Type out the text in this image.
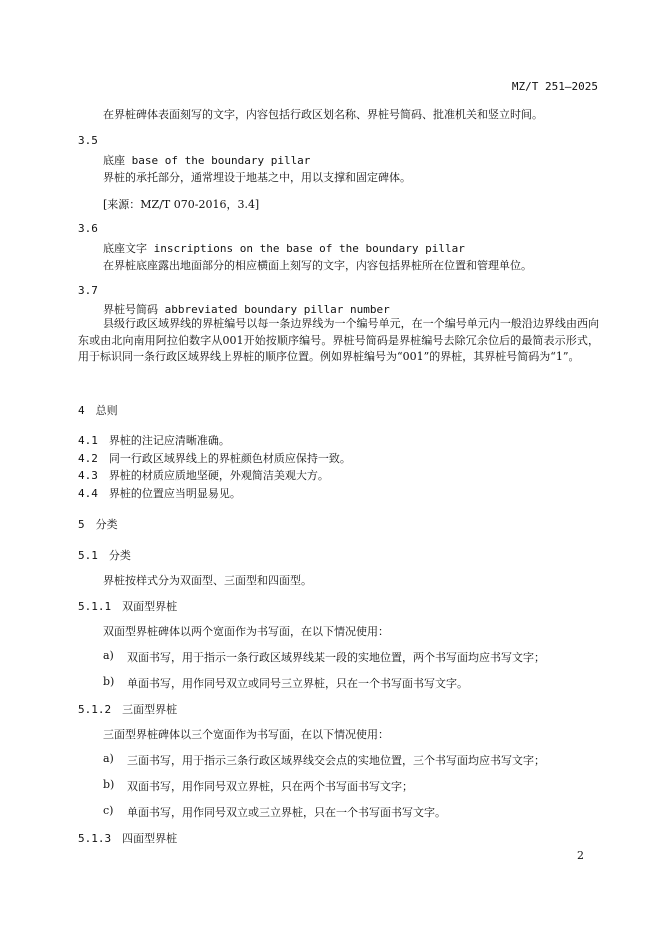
MZ/T 251—2025
在界桩碑体表面刻写的文字，内容包括行政区划名称、界桩号简码、批准机关和竖立时间。
3.5
底座 base of the boundary pillar
界桩的承托部分，通常埋设于地基之中，用以支撑和固定碑体。
[来源：MZ/T 070-2016，3.4]
3.6
底座文字 inscriptions on the base of the boundary pillar
在界桩底座露出地面部分的相应横面上刻写的文字，内容包括界桩所在位置和管理单位。
3.7
界桩号简码 abbreviated boundary pillar number
县级行政区域界线的界桩编号以每一条边界线为一个编号单元，在一个编号单元内一般沿边界线由西向东或由北向南用阿拉伯数字从001开始按顺序编号。界桩号简码是界桩编号去除冗余位后的最简表示形式，用于标识同一条行政区域界线上界桩的顺序位置。例如界桩编号为“001”的界桩，其界桩号简码为“1”。
4　总则
4.1　界桩的注记应清晰准确。
4.2　同一行政区域界线上的界桩颜色材质应保持一致。
4.3　界桩的材质应质地坚硬，外观简洁美观大方。
4.4　界桩的位置应当明显易见。
5　分类
5.1　分类
界桩按样式分为双面型、三面型和四面型。
5.1.1　双面型界桩
双面型界桩碑体以两个宽面作为书写面，在以下情况使用：
a) 双面书写，用于指示一条行政区域界线某一段的实地位置，两个书写面均应书写文字；
b) 单面书写，用作同号双立或同号三立界桩，只在一个书写面书写文字。
5.1.2　三面型界桩
三面型界桩碑体以三个宽面作为书写面，在以下情况使用：
a) 三面书写，用于指示三条行政区域界线交会点的实地位置，三个书写面均应书写文字；
b) 双面书写，用作同号双立界桩，只在两个书写面书写文字；
c) 单面书写，用作同号双立或三立界桩，只在一个书写面书写文字。
5.1.3　四面型界桩
2
